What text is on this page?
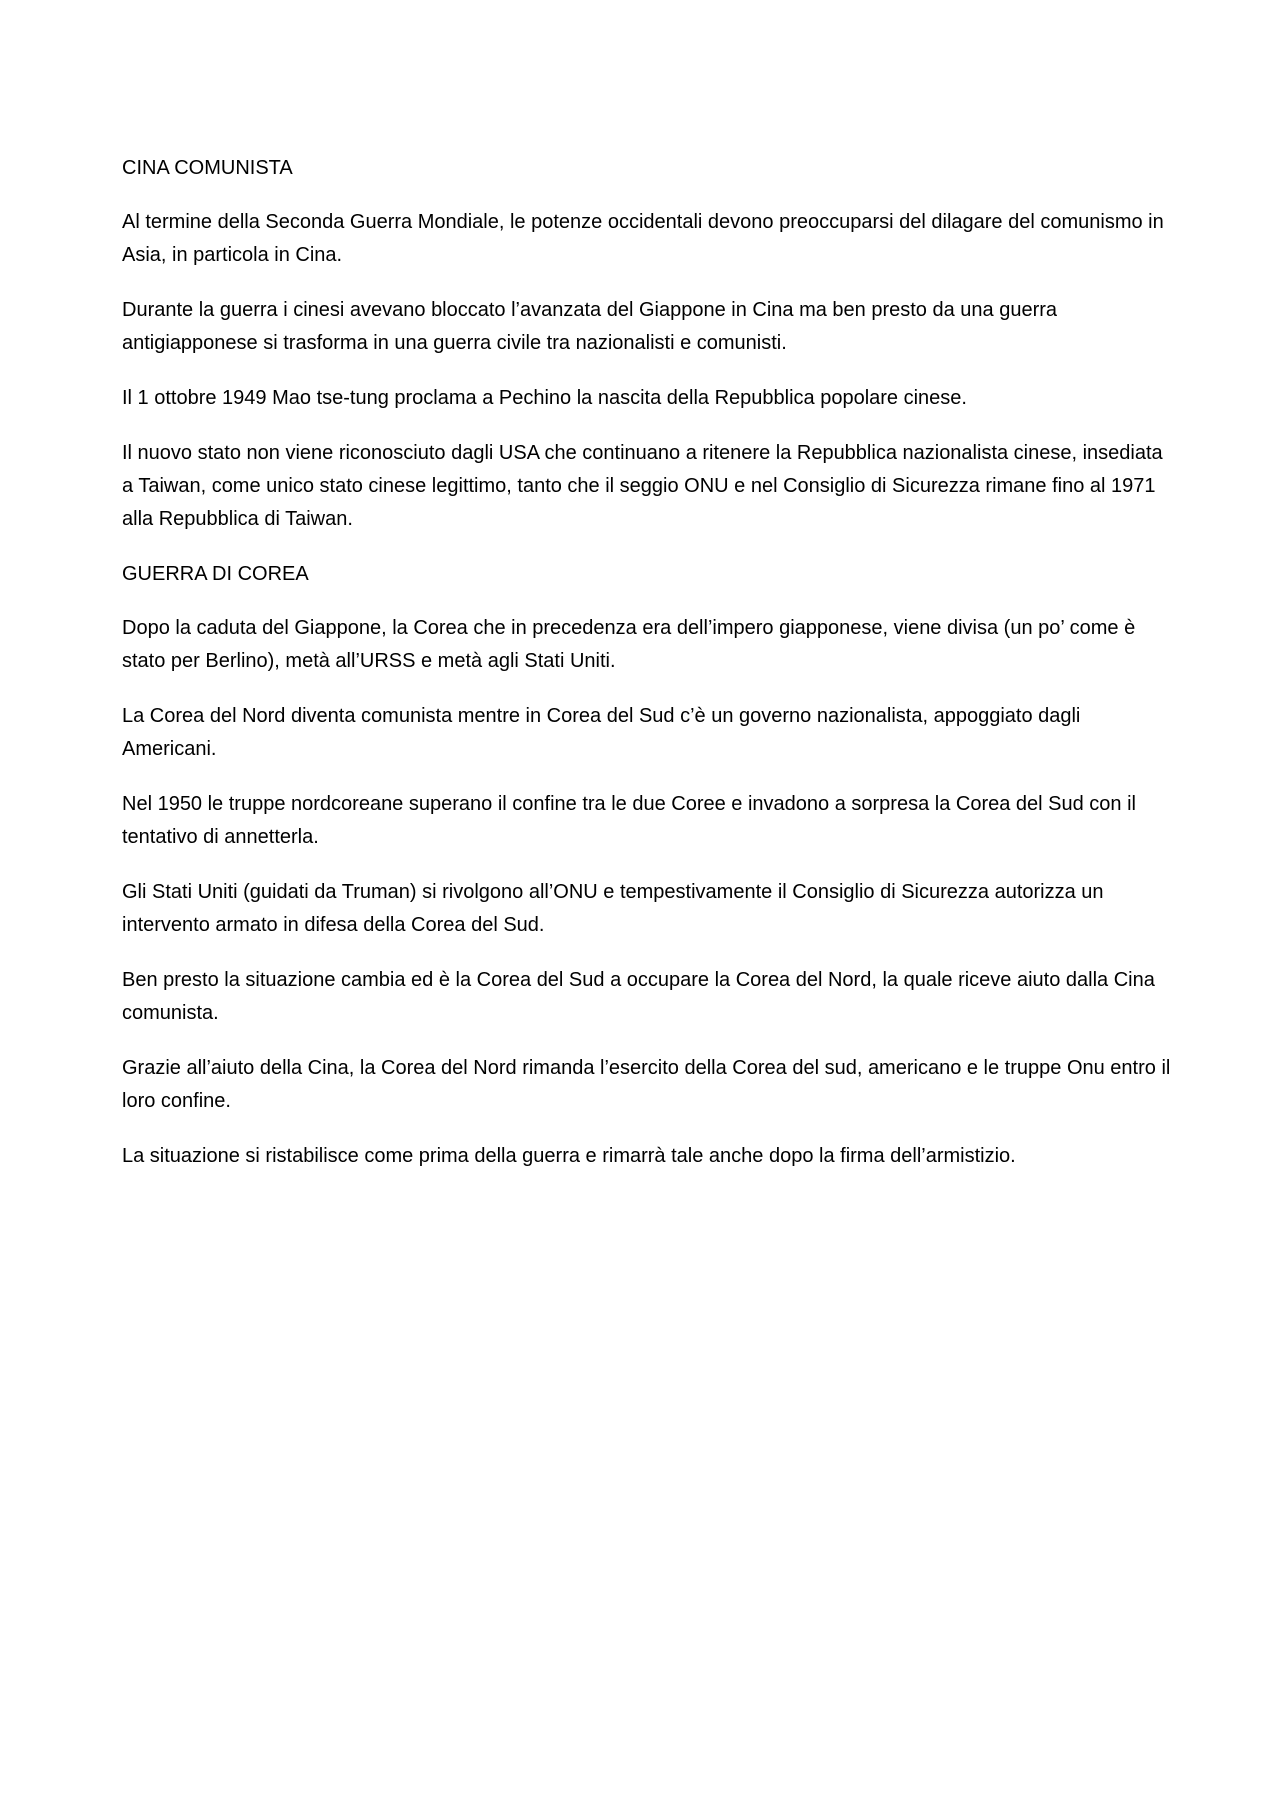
CINA COMUNISTA

Al termine della Seconda Guerra Mondiale, le potenze occidentali devono preoccuparsi del dilagare del comunismo in Asia, in particola in Cina.

Durante la guerra i cinesi avevano bloccato l’avanzata del Giappone in Cina ma ben presto da una guerra antigiapponese si trasforma in una guerra civile tra nazionalisti e comunisti.

Il 1 ottobre 1949 Mao tse-tung proclama a Pechino la nascita della Repubblica popolare cinese.

Il nuovo stato non viene riconosciuto dagli USA che continuano a ritenere la Repubblica nazionalista cinese, insediata a Taiwan, come unico stato cinese legittimo, tanto che il seggio ONU e nel Consiglio di Sicurezza rimane fino al 1971 alla Repubblica di Taiwan.

GUERRA DI COREA

Dopo la caduta del Giappone, la Corea che in precedenza era dell’impero giapponese, viene divisa (un po’ come è stato per Berlino), metà all’URSS e metà agli Stati Uniti.

La Corea del Nord diventa comunista mentre in Corea del Sud c’è un governo nazionalista, appoggiato dagli Americani.

Nel 1950 le truppe nordcoreane superano il confine tra le due Coree e invadono a sorpresa la Corea del Sud con il tentativo di annetterla.

Gli Stati Uniti (guidati da Truman) si rivolgono all’ONU e tempestivamente il Consiglio di Sicurezza autorizza un intervento armato in difesa della Corea del Sud.

Ben presto la situazione cambia ed è la Corea del Sud a occupare la Corea del Nord, la quale riceve aiuto dalla Cina comunista.

Grazie all’aiuto della Cina, la Corea del Nord rimanda l’esercito della Corea del sud, americano e le truppe Onu entro il loro confine.

La situazione si ristabilisce come prima della guerra e rimarrà tale anche dopo la firma dell’armistizio.
